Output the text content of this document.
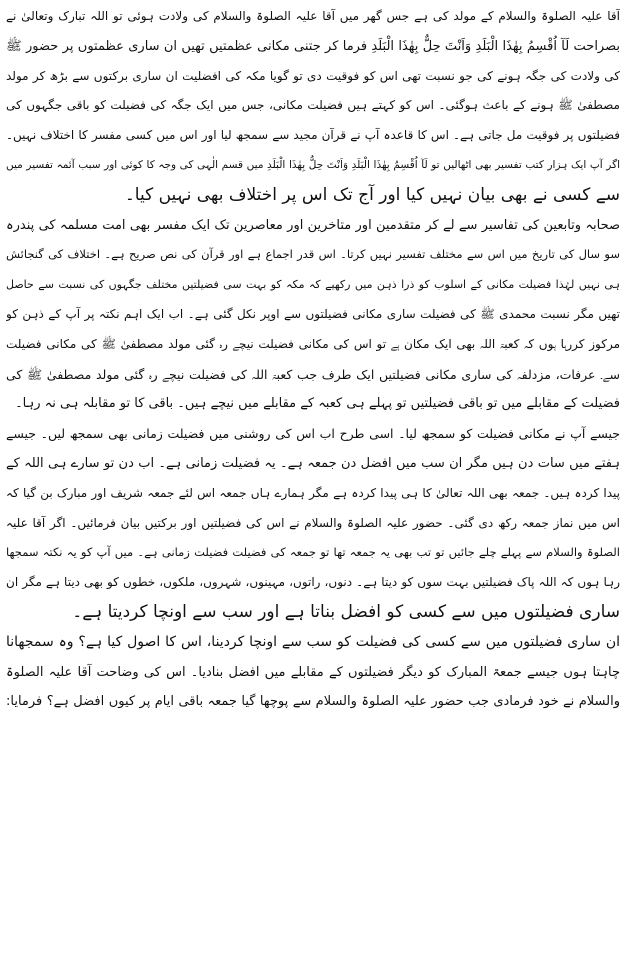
آقا علیہ الصلوۃ والسلام کے مولد کی ہے جس گھر میں آقا علیہ الصلوۃ والسلام کی ولادت ہوئی تو اللہ تبارک وتعالیٰ نے
بصراحت لَآ اُقْسِمُ بِھٰذَا الْبَلَدِ وَاَنْتَ حِلٌّ بِھٰذَا الْبَلَدِ فرما کر جتنی مکانی عظمتیں تھیں ان ساری عظمتوں پر حضور ﷺ
کی ولادت کی جگہ ہونے کی جو نسبت تھی اس کو فوقیت دی تو گویا مکہ کی افضلیت ان ساری برکتوں سے بڑھ کر مولد
مصطفیٰ ﷺ ہونے کے باعث ہوگئی۔ اس کو کہتے ہیں فضیلت مکانی، جس میں ایک جگہ کی فضیلت کو باقی جگہوں کی
فضیلتوں پر فوقیت مل جاتی ہے۔ اس کا قاعدہ آپ نے قرآن مجید سے سمجھ لیا اور اس میں کسی مفسر کا اختلاف نہیں۔
اگر آپ ایک ہزار کتب تفسیر بھی اٹھالیں تو لَآ اُقْسِمُ بِھٰذَا الْبَلَدِ وَاَنْتَ حِلٌّ بِھٰذَا الْبَلَدِ میں قسم الٰہی کی وجہ کا کوئی اور سبب آئمہ تفسیر میں
سے کسی نے بھی بیان نہیں کیا اور آج تک اس پر اختلاف بھی نہیں کیا۔
صحابہ وتابعین کی تفاسیر سے لے کر متقدمین اور متاخرین اور معاصرین تک ایک مفسر بھی امت مسلمہ کی پندرہ
سو سال کی تاریخ میں اس سے مختلف تفسیر نہیں کرتا۔ اس قدر اجماع ہے اور قرآن کی نص صریح ہے۔ اختلاف کی گنجائش
ہی نہیں لہٰذا فضیلت مکانی کے اسلوب کو ذرا ذہن میں رکھیے کہ مکہ کو بہت سی فضیلتیں مختلف جگہوں کی نسبت سے حاصل
تھیں مگر نسبت محمدی ﷺ کی فضیلت ساری مکانی فضیلتوں سے اوپر نکل گئی ہے۔ اب ایک اہم نکتہ پر آپ کے ذہن کو
مرکوز کررہا ہوں کہ کعبۃ اللہ بھی ایک مکان ہے تو اس کی مکانی فضیلت نیچے رہ گئی مولد مصطفیٰ ﷺ کی مکانی فضیلت
سے۔ عرفات، مزدلفہ کی ساری مکانی فضیلتیں ایک طرف جب کعبۃ اللہ کی فضیلت نیچے رہ گئی مولد مصطفیٰ ﷺ کی
فضیلت کے مقابلے میں تو باقی فضیلتیں تو پہلے ہی کعبہ کے مقابلے میں نیچے ہیں۔ باقی کا تو مقابلہ ہی نہ رہا۔
جیسے آپ نے مکانی فضیلت کو سمجھ لیا۔ اسی طرح اب اس کی روشنی میں فضیلت زمانی بھی سمجھ لیں۔ جیسے
ہفتے میں سات دن ہیں مگر ان سب میں افضل دن جمعہ ہے۔ یہ فضیلت زمانی ہے۔ اب دن تو سارے ہی اللہ کے
پیدا کردہ ہیں۔ جمعہ بھی اللہ تعالیٰ کا ہی پیدا کردہ ہے مگر ہمارے ہاں جمعہ اس لئے جمعہ شریف اور مبارک بن گیا کہ
اس میں نماز جمعہ رکھ دی گئی۔ حضور علیہ الصلوۃ والسلام نے اس کی فضیلتیں اور برکتیں بیان فرمائیں۔ اگر آقا علیہ
الصلوۃ والسلام سے پہلے چلے جائیں تو تب بھی یہ جمعہ تھا تو جمعہ کی فضیلت فضیلت زمانی ہے۔ میں آپ کو یہ نکتہ سمجھا
رہا ہوں کہ اللہ پاک فضیلتیں بہت سوں کو دیتا ہے۔ دنوں، راتوں، مہینوں، شہروں، ملکوں، خطوں کو بھی دیتا ہے مگر ان
ساری فضیلتوں میں سے کسی کو افضل بناتا ہے اور سب سے اونچا کردیتا ہے۔
ان ساری فضیلتوں میں سے کسی کی فضیلت کو سب سے اونچا کردینا، اس کا اصول کیا ہے؟ وہ سمجھانا
چاہتا ہوں جیسے جمعۃ المبارک کو دیگر فضیلتوں کے مقابلے میں افضل بنادیا۔ اس کی وضاحت آقا علیہ الصلوۃ
والسلام نے خود فرمادی جب حضور علیہ الصلوۃ والسلام سے پوچھا گیا جمعہ باقی ایام پر کیوں افضل ہے؟ فرمایا:
